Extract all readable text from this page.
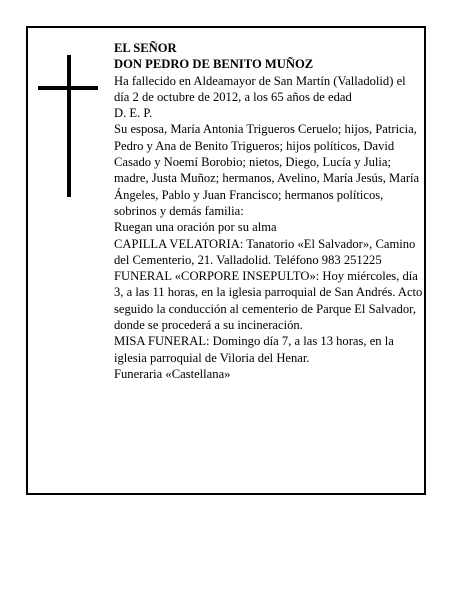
EL SEÑOR

DON PEDRO DE BENITO MUÑOZ

Ha fallecido en Aldeamayor de San Martín (Valladolid) el día 2 de octubre de 2012, a los 65 años de edad

D. E. P.

Su esposa, María Antonia Trigueros Ceruelo; hijos, Patricia, Pedro y Ana de Benito Trigueros; hijos políticos, David Casado y Noemí Borobio; nietos, Diego, Lucía y Julia; madre, Justa Muñoz; hermanos, Avelino, María Jesús, María Ángeles, Pablo y Juan Francisco; hermanos políticos, sobrinos y demás familia:

Ruegan una oración por su alma

CAPILLA VELATORIA: Tanatorio «El Salvador», Camino del Cementerio, 21. Valladolid. Teléfono 983 251225

FUNERAL «CORPORE INSEPULTO»: Hoy miércoles, día 3, a las 11 horas, en la iglesia parroquial de San Andrés. Acto seguido la conducción al cementerio de Parque El Salvador, donde se procederá a su incineración.

MISA FUNERAL: Domingo día 7, a las 13 horas, en la iglesia parroquial de Viloria del Henar.

Funeraria «Castellana»
